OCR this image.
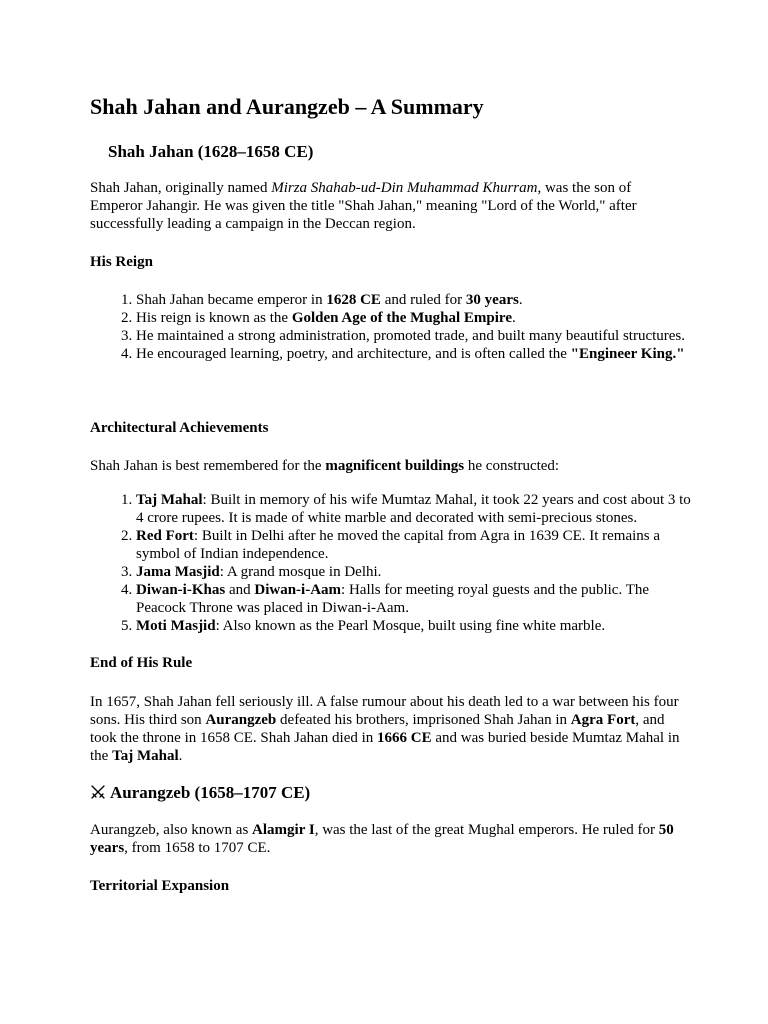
Shah Jahan and Aurangzeb – A Summary
Shah Jahan (1628–1658 CE)

Shah Jahan, originally named Mirza Shahab-ud-Din Muhammad Khurram, was the son of Emperor Jahangir. He was given the title "Shah Jahan," meaning "Lord of the World," after successfully leading a campaign in the Deccan region.

His Reign
1. Shah Jahan became emperor in 1628 CE and ruled for 30 years.
2. His reign is known as the Golden Age of the Mughal Empire.
3. He maintained a strong administration, promoted trade, and built many beautiful structures.
4. He encouraged learning, poetry, and architecture, and is often called the "Engineer King."
Architectural Achievements

Shah Jahan is best remembered for the magnificent buildings he constructed:

1. Taj Mahal: Built in memory of his wife Mumtaz Mahal, it took 22 years and cost about 3 to 4 crore rupees. It is made of white marble and decorated with semi-precious stones.
2. Red Fort: Built in Delhi after he moved the capital from Agra in 1639 CE. It remains a symbol of Indian independence.
3. Jama Masjid: A grand mosque in Delhi.
4. Diwan-i-Khas and Diwan-i-Aam: Halls for meeting royal guests and the public. The Peacock Throne was placed in Diwan-i-Aam.
5. Moti Masjid: Also known as the Pearl Mosque, built using fine white marble.
End of His Rule

In 1657, Shah Jahan fell seriously ill. A false rumour about his death led to a war between his four sons. His third son Aurangzeb defeated his brothers, imprisoned Shah Jahan in Agra Fort, and took the throne in 1658 CE. Shah Jahan died in 1666 CE and was buried beside Mumtaz Mahal in the Taj Mahal.

Aurangzeb (1658–1707 CE)

Aurangzeb, also known as Alamgir I, was the last of the great Mughal emperors. He ruled for 50 years, from 1658 to 1707 CE.

Territorial Expansion
